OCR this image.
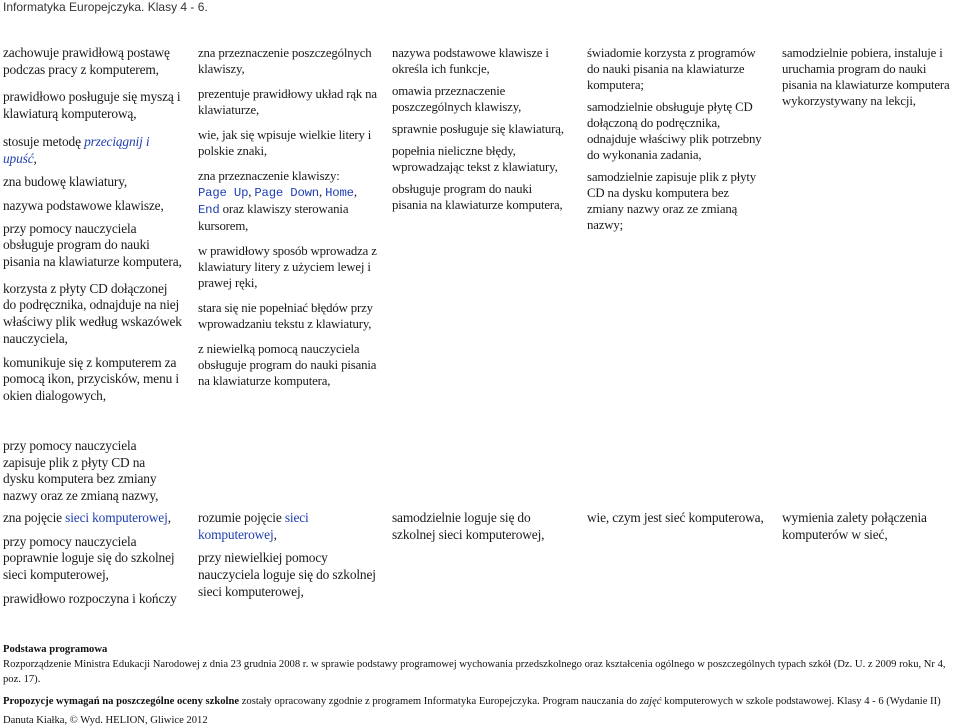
Informatyka Europejczyka. Klasy 4 - 6.

zachowuje prawidłową postawę podczas pracy z komputerem,

prawidłowo posługuje się myszą i klawiaturą komputerową,

stosuje metodę przeciągnij i upuść,

zna budowę klawiatury,

nazywa podstawowe klawisze,

przy pomocy nauczyciela obsługuje program do nauki pisania na klawiaturze komputera,

korzysta z płyty CD dołączonej do podręcznika, odnajduje na niej właściwy plik według wskazówek nauczyciela,

komunikuje się z komputerem za pomocą ikon, przycisków, menu i okien dialogowych,

przy pomocy nauczyciela zapisuje plik z płyty CD na dysku komputera bez zmiany nazwy oraz ze zmianą nazwy,

zna przeznaczenie poszczególnych klawiszy,

prezentuje prawidłowy układ rąk na klawiaturze,

wie, jak się wpisuje wielkie litery i polskie znaki,

zna przeznaczenie klawiszy:
Page Up, Page Down, Home, End oraz klawiszy sterowania kursorem,

w prawidłowy sposób wprowadza z klawiatury litery z użyciem lewej i prawej ręki,

stara się nie popełniać błędów przy wprowadzaniu tekstu z klawiatury,

z niewielką pomocą nauczyciela obsługuje program do nauki pisania na klawiaturze komputera,

nazywa podstawowe klawisze i określa ich funkcje,

omawia przeznaczenie poszczególnych klawiszy,

sprawnie posługuje się klawiaturą,

popełnia nieliczne błędy, wprowadzając tekst z klawiatury,

obsługuje program do nauki pisania na klawiaturze komputera,

świadomie korzysta z programów do nauki pisania na klawiaturze komputera;

samodzielnie obsługuje płytę CD dołączoną do podręcznika, odnajduje właściwy plik potrzebny do wykonania zadania,

samodzielnie zapisuje plik z płyty CD na dysku komputera bez zmiany nazwy oraz ze zmianą nazwy;

samodzielnie pobiera, instaluje i uruchamia program do nauki pisania na klawiaturze komputera wykorzystywany na lekcji,

zna pojęcie sieci komputerowej,

przy pomocy nauczyciela poprawnie loguje się do szkolnej sieci komputerowej,

prawidłowo rozpoczyna i kończy

rozumie pojęcie sieci komputerowej,

przy niewielkiej pomocy nauczyciela loguje się do szkolnej sieci komputerowej,

samodzielnie loguje się do szkolnej sieci komputerowej,

wie, czym jest sieć komputerowa, wymienia zalety połączenia komputerów w sieć,

Podstawa programowa
Rozporządzenie Ministra Edukacji Narodowej z dnia 23 grudnia 2008 r. w sprawie podstawy programowej wychowania przedszkolnego oraz kształcenia ogólnego w poszczególnych typach szkół (Dz. U. z 2009 roku, Nr 4, poz. 17).
Propozycje wymagań na poszczególne oceny szkolne zostały opracowany zgodnie z programem Informatyka Europejczyka. Program nauczania do zajęć komputerowych w szkole podstawowej. Klasy 4 - 6 (Wydanie II)
Danuta Kiałka, © Wyd. HELION, Gliwice 2012
